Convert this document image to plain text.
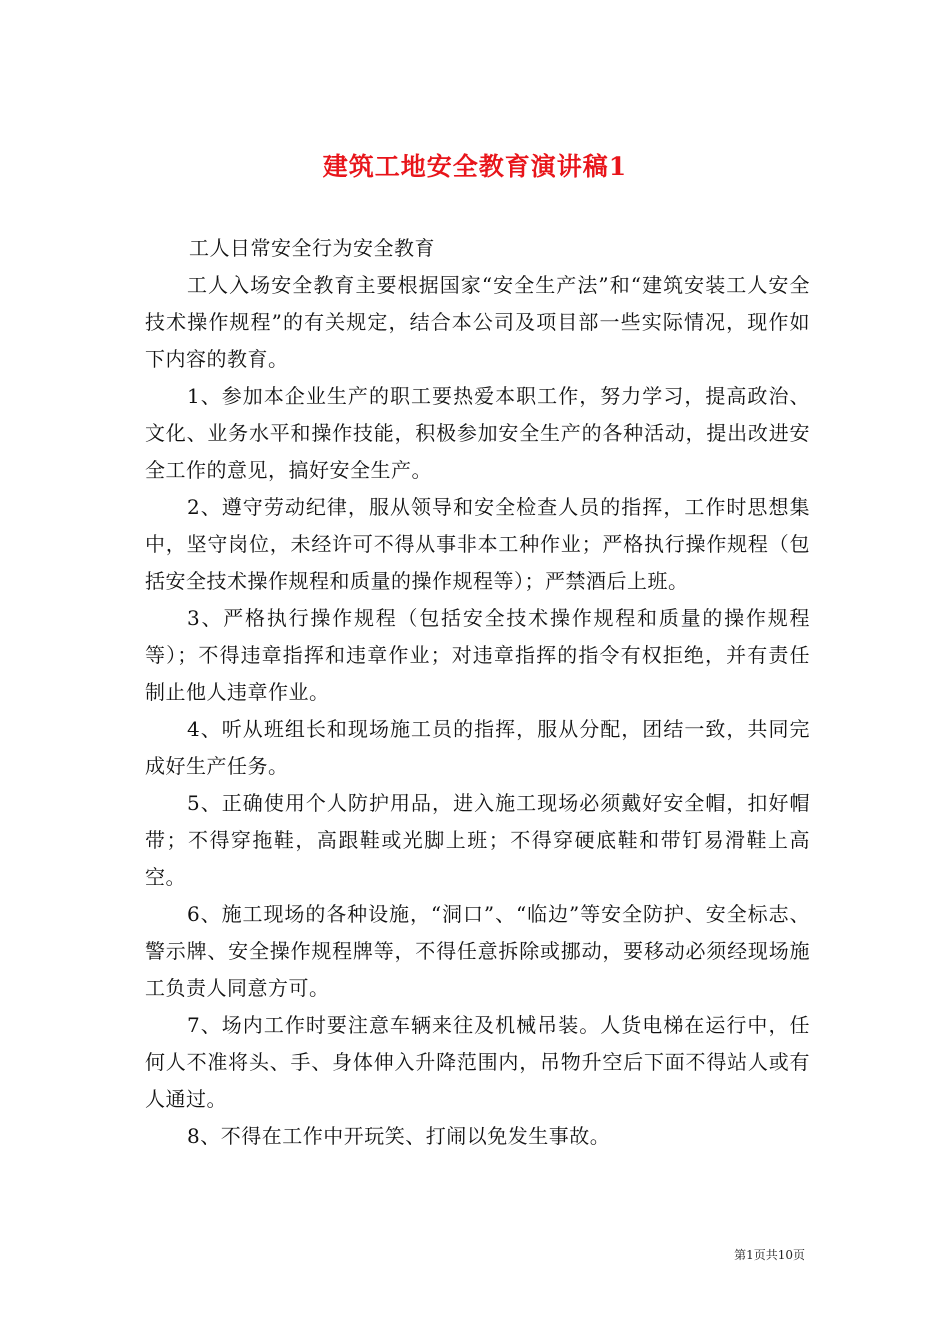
建筑工地安全教育演讲稿1

工人日常安全行为安全教育

工人入场安全教育主要根据国家“安全生产法”和“建筑安装工人安全技术操作规程”的有关规定，结合本公司及项目部一些实际情况，现作如下内容的教育。

1、参加本企业生产的职工要热爱本职工作，努力学习，提高政治、文化、业务水平和操作技能，积极参加安全生产的各种活动，提出改进安全工作的意见，搞好安全生产。

2、遵守劳动纪律，服从领导和安全检查人员的指挥，工作时思想集中，坚守岗位，未经许可不得从事非本工种作业；严格执行操作规程（包括安全技术操作规程和质量的操作规程等）；严禁酒后上班。

3、严格执行操作规程（包括安全技术操作规程和质量的操作规程等）；不得违章指挥和违章作业；对违章指挥的指令有权拒绝，并有责任制止他人违章作业。

4、听从班组长和现场施工员的指挥，服从分配，团结一致，共同完成好生产任务。

5、正确使用个人防护用品，进入施工现场必须戴好安全帽，扣好帽带；不得穿拖鞋，高跟鞋或光脚上班；不得穿硬底鞋和带钉易滑鞋上高空。

6、施工现场的各种设施，“洞口”、“临边”等安全防护、安全标志、警示牌、安全操作规程牌等，不得任意拆除或挪动，要移动必须经现场施工负责人同意方可。

7、场内工作时要注意车辆来往及机械吊装。人货电梯在运行中，任何人不准将头、手、身体伸入升降范围内，吊物升空后下面不得站人或有人通过。

8、不得在工作中开玩笑、打闹以免发生事故。

第1页共10页
